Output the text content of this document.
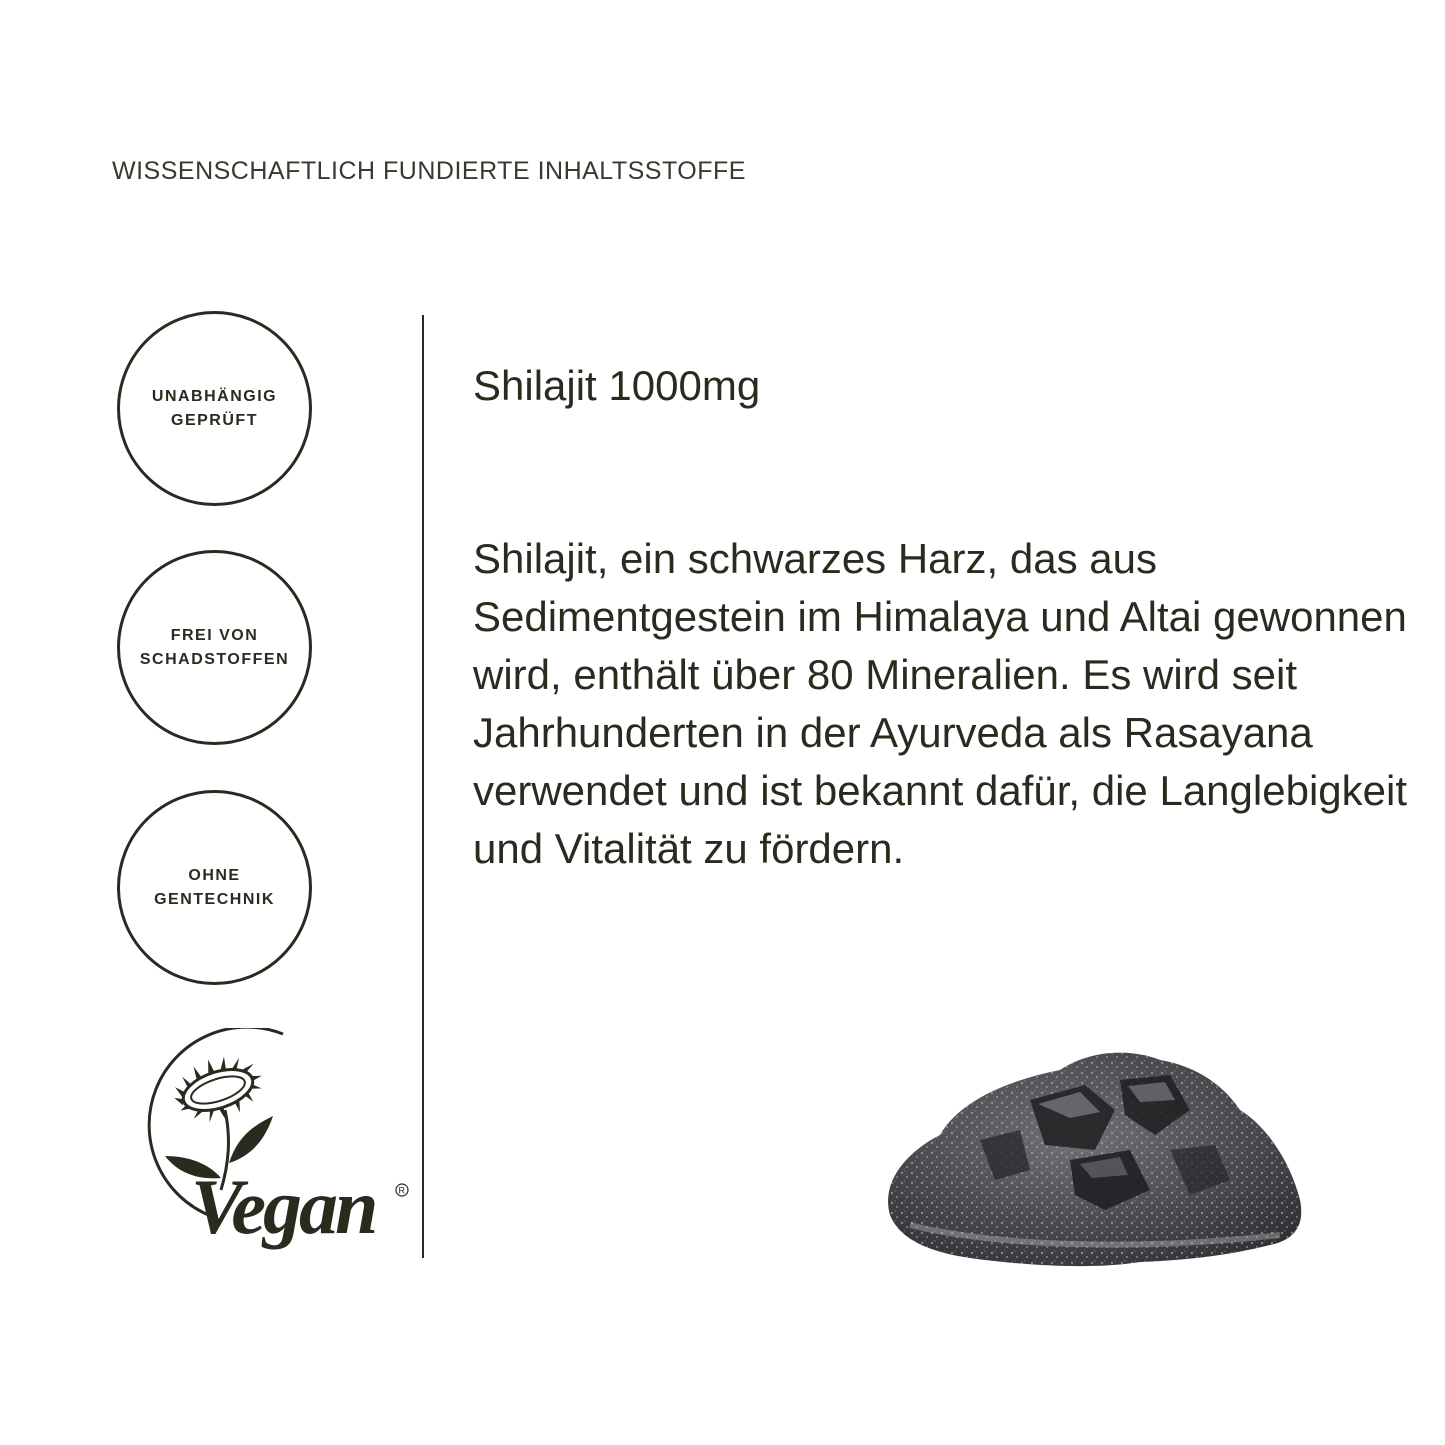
WISSENSCHAFTLICH FUNDIERTE INHALTSSTOFFE
UNABHÄNGIG
GEPRÜFT
FREI VON
SCHADSTOFFEN
OHNE
GENTECHNIK
Vegan	R
Shilajit 1000mg
Shilajit, ein schwarzes Harz, das aus Sedimentgestein im Himalaya und Altai gewonnen wird, enthält über 80 Mineralien. Es wird seit Jahrhunderten in der Ayurveda als Rasayana verwendet und ist bekannt dafür, die Langlebigkeit und Vitalität zu fördern.
